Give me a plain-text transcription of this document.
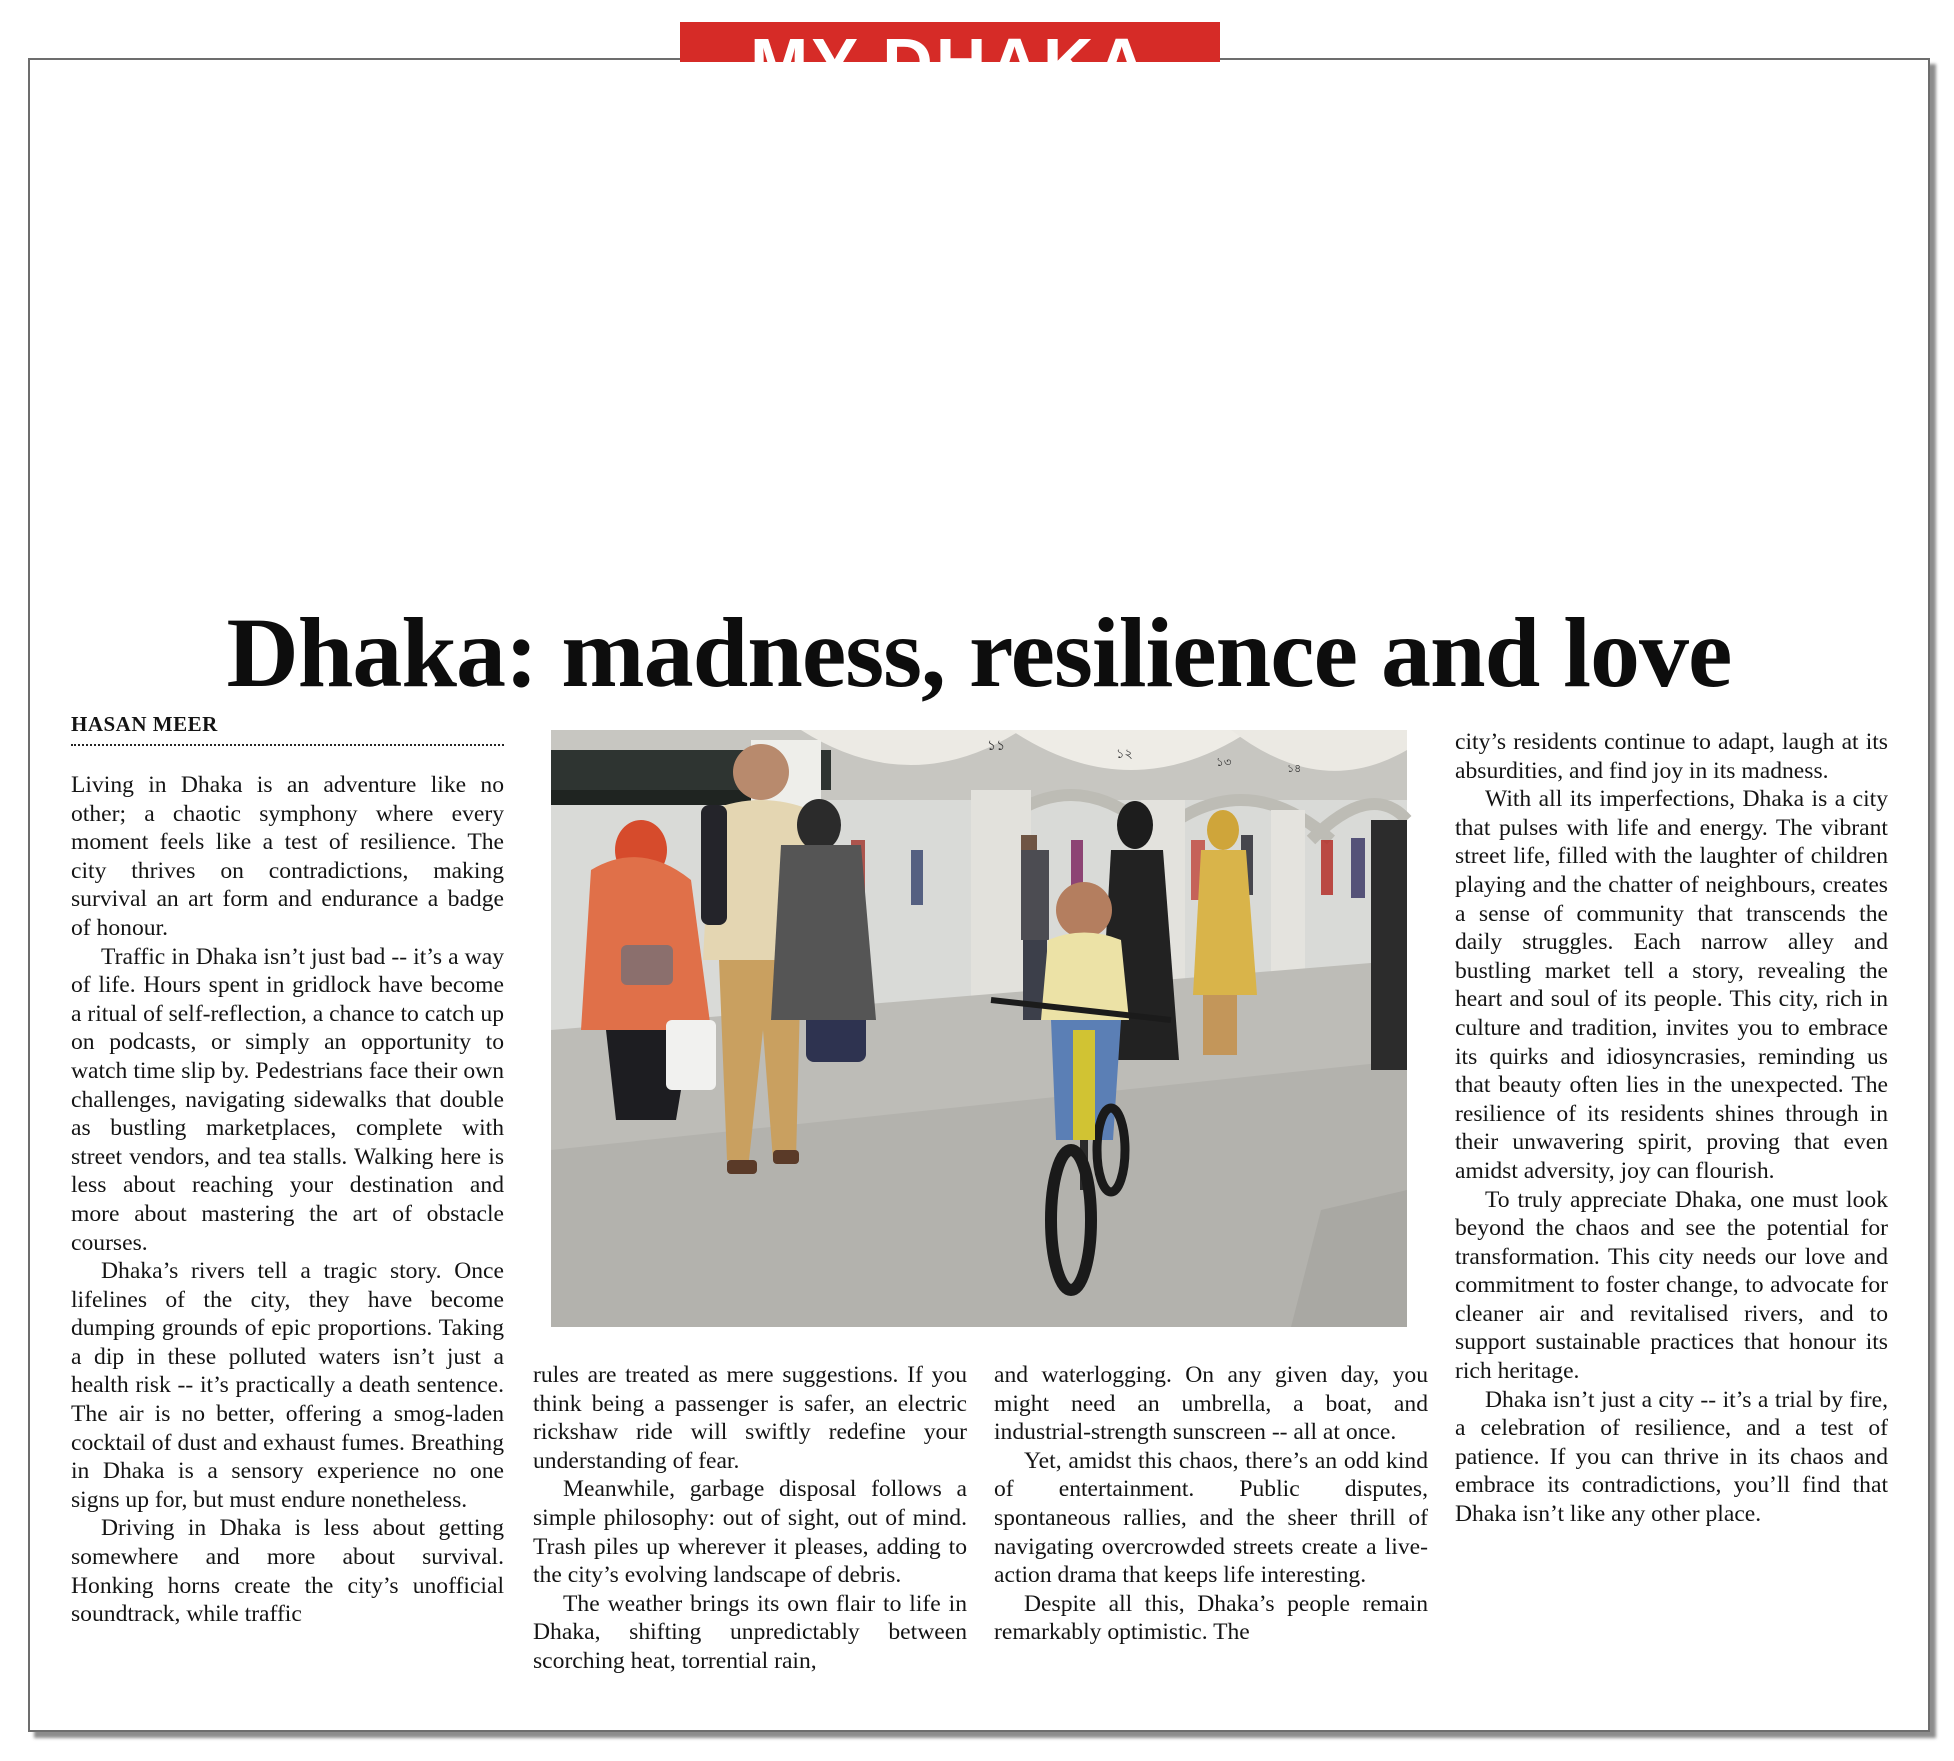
MY DHAKA
Dhaka: madness, resilience and love
HASAN MEER

Living in Dhaka is an adventure like no other; a chaotic symphony where every moment feels like a test of resilience. The city thrives on contradictions, making survival an art form and endurance a badge of honour.

Traffic in Dhaka isn’t just bad -- it’s a way of life. Hours spent in gridlock have become a ritual of self-reflection, a chance to catch up on podcasts, or simply an opportunity to watch time slip by. Pedestrians face their own challenges, navigating sidewalks that double as bustling marketplaces, complete with street vendors, and tea stalls. Walking here is less about reaching your destination and more about mastering the art of obstacle courses.

Dhaka’s rivers tell a tragic story. Once lifelines of the city, they have become dumping grounds of epic proportions. Taking a dip in these polluted waters isn’t just a health risk -- it’s practically a death sentence. The air is no better, offering a smog-laden cocktail of dust and exhaust fumes. Breathing in Dhaka is a sensory experience no one signs up for, but must endure nonetheless.

Driving in Dhaka is less about getting somewhere and more about survival. Honking horns create the city’s unofficial soundtrack, while traffic

১১
১২	১৩	১৪

rules are treated as mere suggestions. If you think being a passenger is safer, an electric rickshaw ride will swiftly redefine your understanding of fear.

Meanwhile, garbage disposal follows a simple philosophy: out of sight, out of mind. Trash piles up wherever it pleases, adding to the city’s evolving landscape of debris.

The weather brings its own flair to life in Dhaka, shifting unpredictably between scorching heat, torrential rain,

and waterlogging. On any given day, you might need an umbrella, a boat, and industrial-strength sunscreen -- all at once.

Yet, amidst this chaos, there’s an odd kind of entertainment. Public disputes, spontaneous rallies, and the sheer thrill of navigating overcrowded streets create a live-action drama that keeps life interesting.

Despite all this, Dhaka’s people remain remarkably optimistic. The

city’s residents continue to adapt, laugh at its absurdities, and find joy in its madness.

With all its imperfections, Dhaka is a city that pulses with life and energy. The vibrant street life, filled with the laughter of children playing and the chatter of neighbours, creates a sense of community that transcends the daily struggles. Each narrow alley and bustling market tell a story, revealing the heart and soul of its people. This city, rich in culture and tradition, invites you to embrace its quirks and idiosyncrasies, reminding us that beauty often lies in the unexpected. The resilience of its residents shines through in their unwavering spirit, proving that even amidst adversity, joy can flourish.

To truly appreciate Dhaka, one must look beyond the chaos and see the potential for transformation. This city needs our love and commitment to foster change, to advocate for cleaner air and revitalised rivers, and to support sustainable practices that honour its rich heritage.

Dhaka isn’t just a city -- it’s a trial by fire, a celebration of resilience, and a test of patience. If you can thrive in its chaos and embrace its contradictions, you’ll find that Dhaka isn’t like any other place.
